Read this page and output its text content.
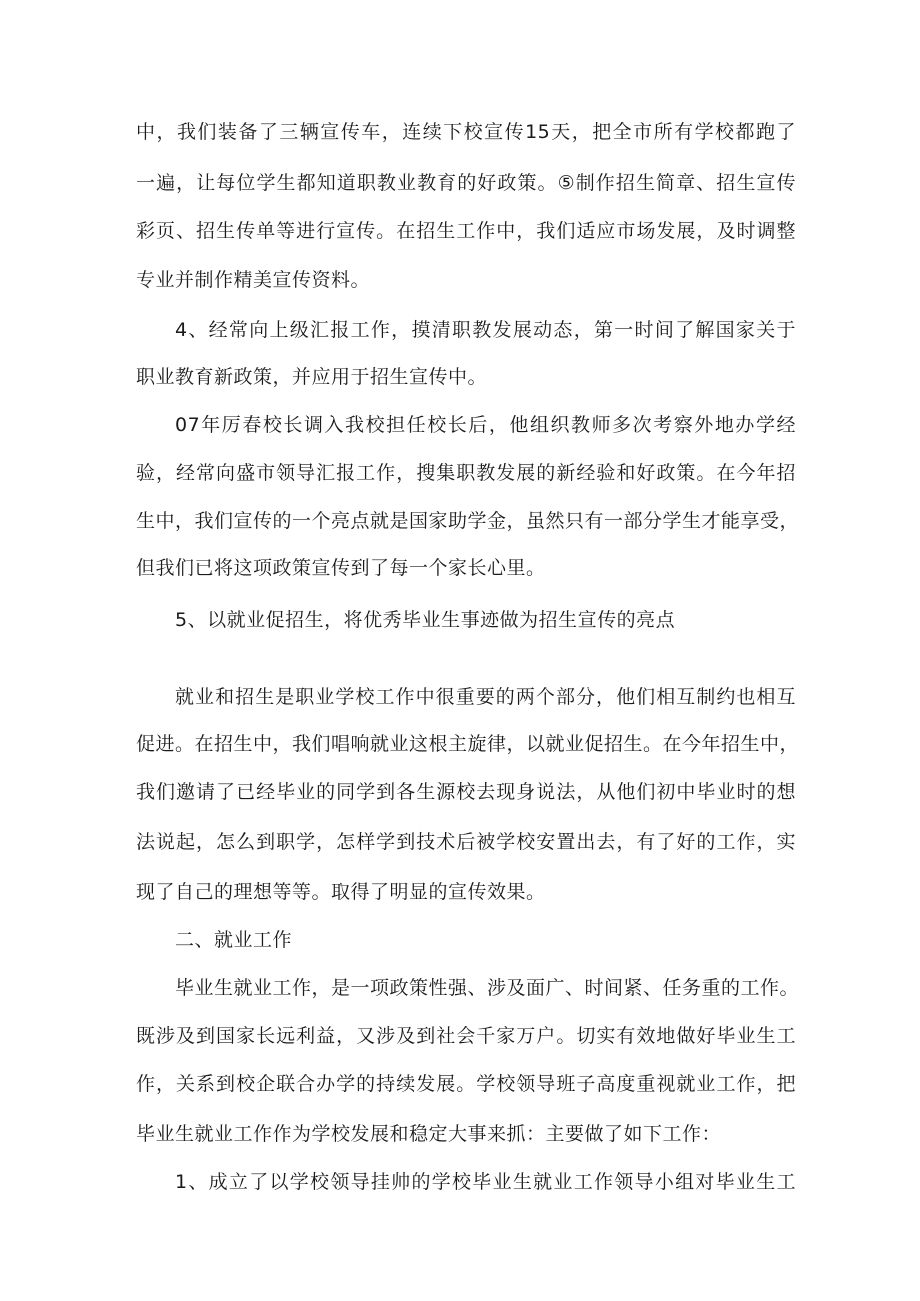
中，我们装备了三辆宣传车，连续下校宣传15天，把全市所有学校都跑了
一遍，让每位学生都知道职教业教育的好政策。⑤制作招生简章、招生宣传
彩页、招生传单等进行宣传。在招生工作中，我们适应市场发展，及时调整
专业并制作精美宣传资料。
4、经常向上级汇报工作，摸清职教发展动态，第一时间了解国家关于
职业教育新政策，并应用于招生宣传中。
07年厉春校长调入我校担任校长后，他组织教师多次考察外地办学经
验，经常向盛市领导汇报工作，搜集职教发展的新经验和好政策。在今年招
生中，我们宣传的一个亮点就是国家助学金，虽然只有一部分学生才能享受，
但我们已将这项政策宣传到了每一个家长心里。
5、以就业促招生，将优秀毕业生事迹做为招生宣传的亮点
就业和招生是职业学校工作中很重要的两个部分，他们相互制约也相互
促进。在招生中，我们唱响就业这根主旋律，以就业促招生。在今年招生中，
我们邀请了已经毕业的同学到各生源校去现身说法，从他们初中毕业时的想
法说起，怎么到职学，怎样学到技术后被学校安置出去，有了好的工作，实
现了自己的理想等等。取得了明显的宣传效果。
二、就业工作
毕业生就业工作，是一项政策性强、涉及面广、时间紧、任务重的工作。
既涉及到国家长远利益，又涉及到社会千家万户。切实有效地做好毕业生工
作，关系到校企联合办学的持续发展。学校领导班子高度重视就业工作，把
毕业生就业工作作为学校发展和稳定大事来抓：主要做了如下工作：
1、成立了以学校领导挂帅的学校毕业生就业工作领导小组对毕业生工
